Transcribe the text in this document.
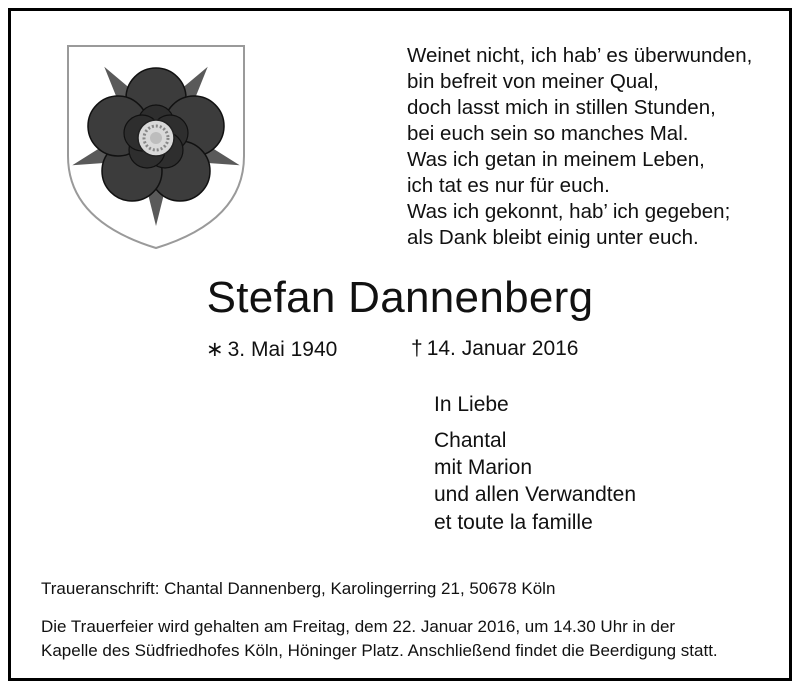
Weinet nicht, ich hab’ es überwunden,
bin befreit von meiner Qual,
doch lasst mich in stillen Stunden,
bei euch sein so manches Mal.
Was ich getan in meinem Leben,
ich tat es nur für euch.
Was ich gekonnt, hab’ ich gegeben;
als Dank bleibt einig unter euch.
Stefan Dannenberg
∗ 3. Mai 1940	† 14. Januar 2016
In Liebe
Chantal
mit Marion
und allen Verwandten
et toute la famille
Traueranschrift: Chantal Dannenberg, Karolingerring 21, 50678 Köln
Die Trauerfeier wird gehalten am Freitag, dem 22. Januar 2016, um 14.30 Uhr in der
Kapelle des Südfriedhofes Köln, Höninger Platz. Anschließend findet die Beerdigung statt.
